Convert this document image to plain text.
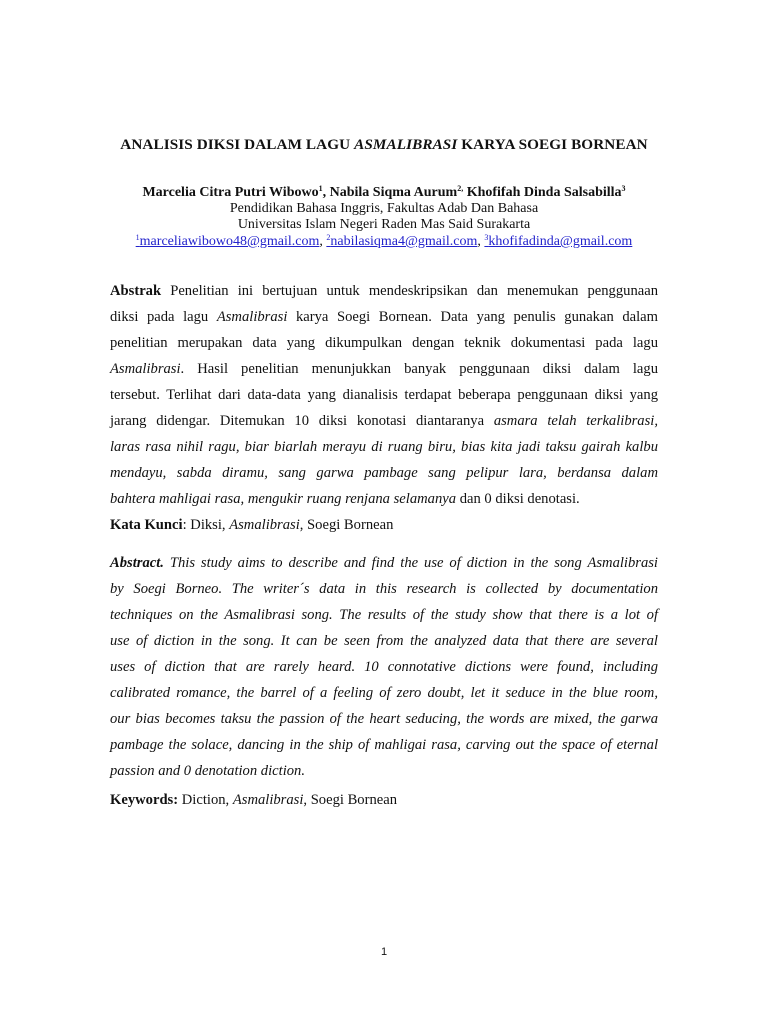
ANALISIS DIKSI DALAM LAGU ASMALIBRASI KARYA SOEGI BORNEAN
Marcelia Citra Putri Wibowo$^1$, Nabila Siqma Aurum$^{2,}$ Khofifah Dinda Salsabilla$^3$
Pendidikan Bahasa Inggris, Fakultas Adab Dan Bahasa
Universitas Islam Negeri Raden Mas Said Surakarta
$^1$marceliawibowo48@gmail.com, $^2$nabilasiqma4@gmail.com, $^3$khofifadinda@gmail.com
Abstrak Penelitian ini bertujuan untuk mendeskripsikan dan menemukan penggunaan
diksi pada lagu Asmalibrasi karya Soegi Bornean. Data yang penulis gunakan dalam
penelitian merupakan data yang dikumpulkan dengan teknik dokumentasi pada lagu
Asmalibrasi. Hasil penelitian menunjukkan banyak penggunaan diksi dalam lagu
tersebut. Terlihat dari data-data yang dianalisis terdapat beberapa penggunaan diksi yang
jarang didengar. Ditemukan 10 diksi konotasi diantaranya asmara telah terkalibrasi,
laras rasa nihil ragu, biar biarlah merayu di ruang biru, bias kita jadi taksu gairah kalbu
mendayu, sabda diramu, sang garwa pambage sang pelipur lara, berdansa dalam
bahtera mahligai rasa, mengukir ruang renjana selamanya dan 0 diksi denotasi.
Kata Kunci: Diksi, Asmalibrasi, Soegi Bornean
Abstract. This study aims to describe and find the use of diction in the song Asmalibrasi
by Soegi Borneo. The writer´s data in this research is collected by documentation
techniques on the Asmalibrasi song. The results of the study show that there is a lot of
use of diction in the song. It can be seen from the analyzed data that there are several
uses of diction that are rarely heard. 10 connotative dictions were found, including
calibrated romance, the barrel of a feeling of zero doubt, let it seduce in the blue room,
our bias becomes taksu the passion of the heart seducing, the words are mixed, the garwa
pambage the solace, dancing in the ship of mahligai rasa, carving out the space of eternal
passion and 0 denotation diction.
Keywords: Diction, Asmalibrasi, Soegi Bornean
1
